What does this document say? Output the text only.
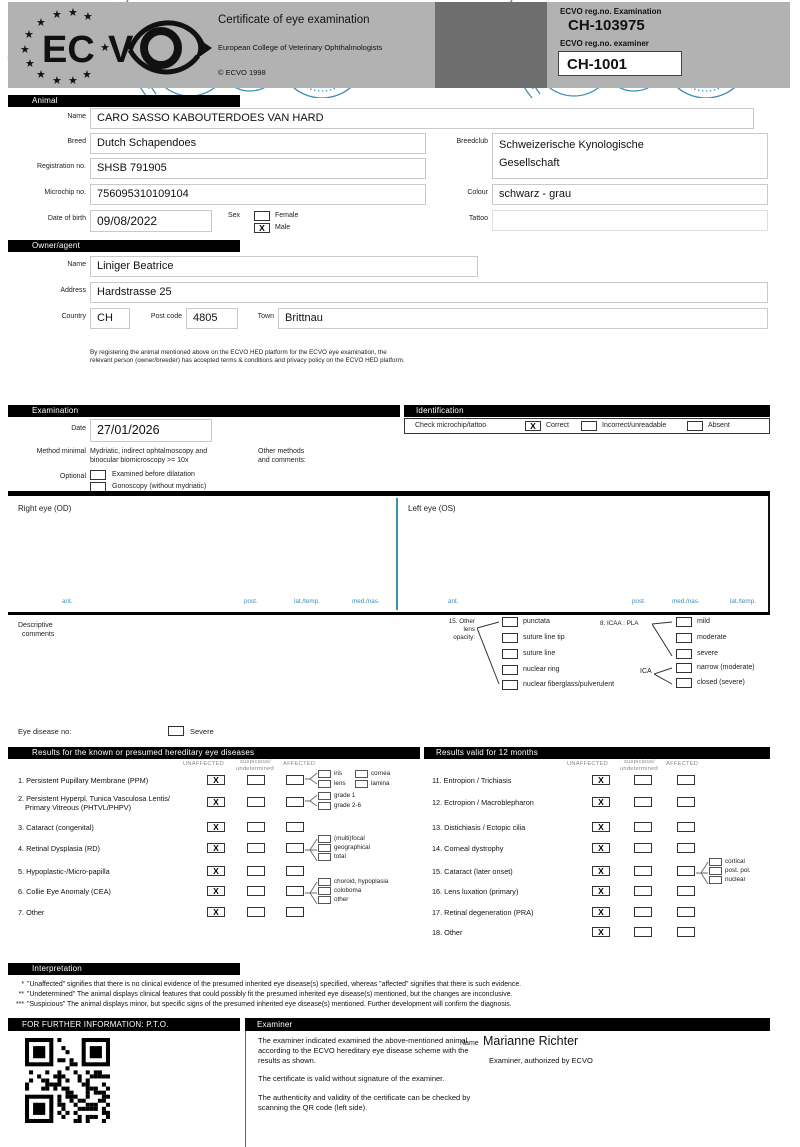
★
★
★
★
★
★ ★ ★ ★
★ ★
★
EC V
Certificate of eye examination
European College of Veterinary Ophthalmologists
© ECVO 1998
ECVO reg.no. Examination
CH-103975
ECVO reg.no. examiner
CH-1001
Animal
Name	CARO SASSO KABOUTERDOES VAN HARD
Breed	Dutch Schapendoes	Breedclub Schweizerische Kynologische Gesellschaft
Registration no.	SHSB 791905
Microchip no.	756095310109104	Colour	schwarz - grau
Date of birth 09/08/2022	Sex	Female
X	Male
Tattoo
Owner/agent
Name	Liniger Beatrice
Address	Hardstrasse 25
Country	CH	Post code	4805	Town	Brittnau
By registering the animal mentioned above on the ECVO HED platform for the ECVO eye examination, the
relevant person (owner/breeder) has accepted terms & conditions and privacy policy on the ECVO HED platform.
Examination	Identification
Date 27/01/2026	Check microchip/tattoo	X	Correct	Incorrect/unreadable	Absent
Method minimal Mydriatic, indirect ophtalmoscopy and
binocular biomicroscopy >= 10x
Other methods
and comments:
Optional	Examined before dilatation
Gonoscopy (without mydriatic)
Right eye (OD)	Left eye (OS)

ant.	post.	lat./temp.	med./nas.	ant.	post.	med./nas.	lat./temp.
Descriptive
comments
15. Other
lens
opacity:
punctata
suture line tip
suture line
nuclear ring
nuclear fiberglass/pulverulent
8. ICAA : PLA	mild
moderate
severe
ICA
narrow (moderate)
closed (severe)
Eye disease no:	Severe
Results for the known or presumed hereditary eye diseases	Results valid for 12 months
UNAFFECTED	suspicious/
undetermined
AFFECTED	UNAFFECTED	suspicious/
undetermined
AFFECTED
1. Persistent Pupillary Membrane (PPM)	X
iris
lens
cornea
lamina
2. Persistent Hyperpl. Tunica Vasculosa Lentis/
Primary Vitreous (PHTVL/PHPV)
X
grade 1
grade 2-6
3. Cataract (congenital)	X
4. Retinal Dysplasia (RD)	X
(multi)focal
geographical
total
5. Hypoplastic-/Micro-papilla	X
6. Collie Eye Anomaly (CEA)	X
choroid, hypoplasia
coloboma
other
7. Other	X
11. Entropion / Trichiasis	X
12. Ectropion / Macroblepharon	X
13. Distichiasis / Ectopic cilia	X
14. Corneal dystrophy	X
15. Cataract (later onset)	X
cortical
post. pol.
nuclear
16. Lens luxation (primary)	X
17. Retinal degeneration (PRA)	X
18. Other	X
Interpretation
* "Unaffected" signifies that there is no clinical evidence of the presumed inherited eye disease(s) specified, whereas "affected" signifies that there is such evidence.
** "Undetermined" The animal displays clinical features that could possibly fit the presumed inherited eye disease(s) mentioned, but the changes are inconclusive.
*** "Suspicious" The animal displays minor, but specific signs of the presumed inherited eye disease(s) mentioned. Further development will confirm the diagnosis.
FOR FURTHER INFORMATION: P.T.O.	Examiner

The examiner indicated examined the above-mentioned animal according to the ECVO hereditary eye disease scheme with the results as shown.

The certificate is valid without signature of the examiner.

The authenticity and validity of the certificate can be checked by scanning the QR code (left side).

Name Marianne Richter
Examiner, authorized by ECVO
